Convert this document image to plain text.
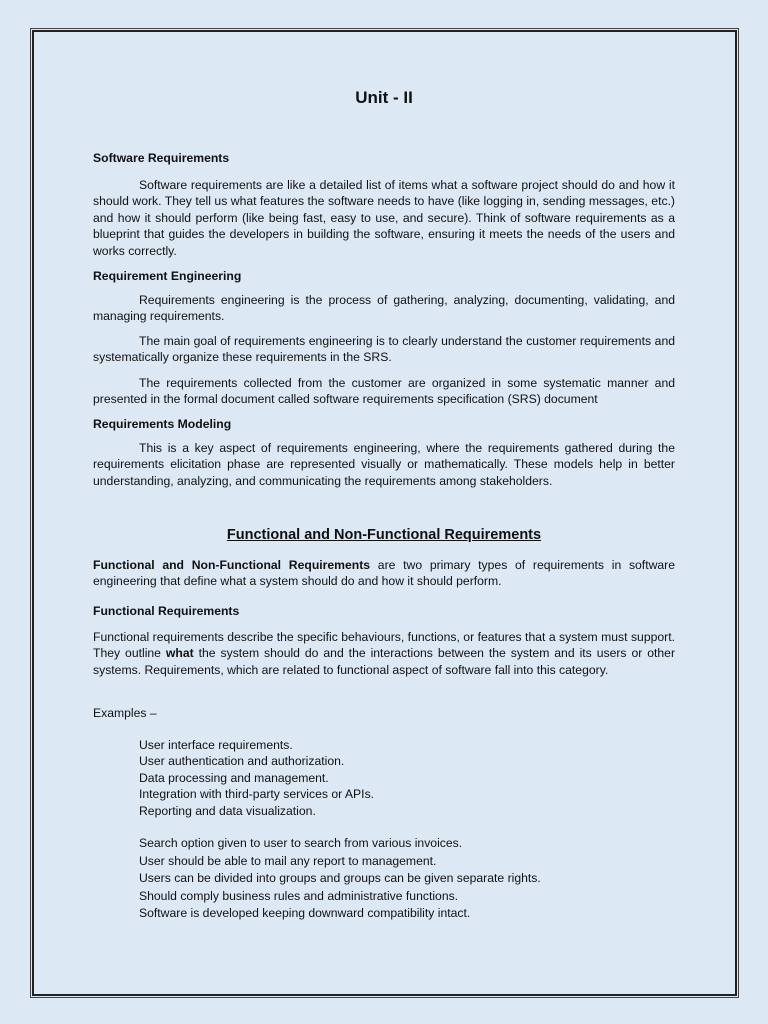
Unit - II
Software Requirements
Software requirements are like a detailed list of items what a software project should do and how it should work. They tell us what features the software needs to have (like logging in, sending messages, etc.) and how it should perform (like being fast, easy to use, and secure). Think of software requirements as a blueprint that guides the developers in building the software, ensuring it meets the needs of the users and works correctly.
Requirement Engineering
Requirements engineering is the process of gathering, analyzing, documenting, validating, and managing requirements.
The main goal of requirements engineering is to clearly understand the customer requirements and systematically organize these requirements in the SRS.
The requirements collected from the customer are organized in some systematic manner and presented in the formal document called software requirements specification (SRS) document
Requirements Modeling
This is a key aspect of requirements engineering, where the requirements gathered during the requirements elicitation phase are represented visually or mathematically. These models help in better understanding, analyzing, and communicating the requirements among stakeholders.
Functional and Non-Functional Requirements
Functional and Non-Functional Requirements are two primary types of requirements in software engineering that define what a system should do and how it should perform.
Functional Requirements
Functional requirements describe the specific behaviours, functions, or features that a system must support. They outline what the system should do and the interactions between the system and its users or other systems. Requirements, which are related to functional aspect of software fall into this category.
Examples –
User interface requirements.
User authentication and authorization.
Data processing and management.
Integration with third-party services or APIs.
Reporting and data visualization.
Search option given to user to search from various invoices.
User should be able to mail any report to management.
Users can be divided into groups and groups can be given separate rights.
Should comply business rules and administrative functions.
Software is developed keeping downward compatibility intact.
